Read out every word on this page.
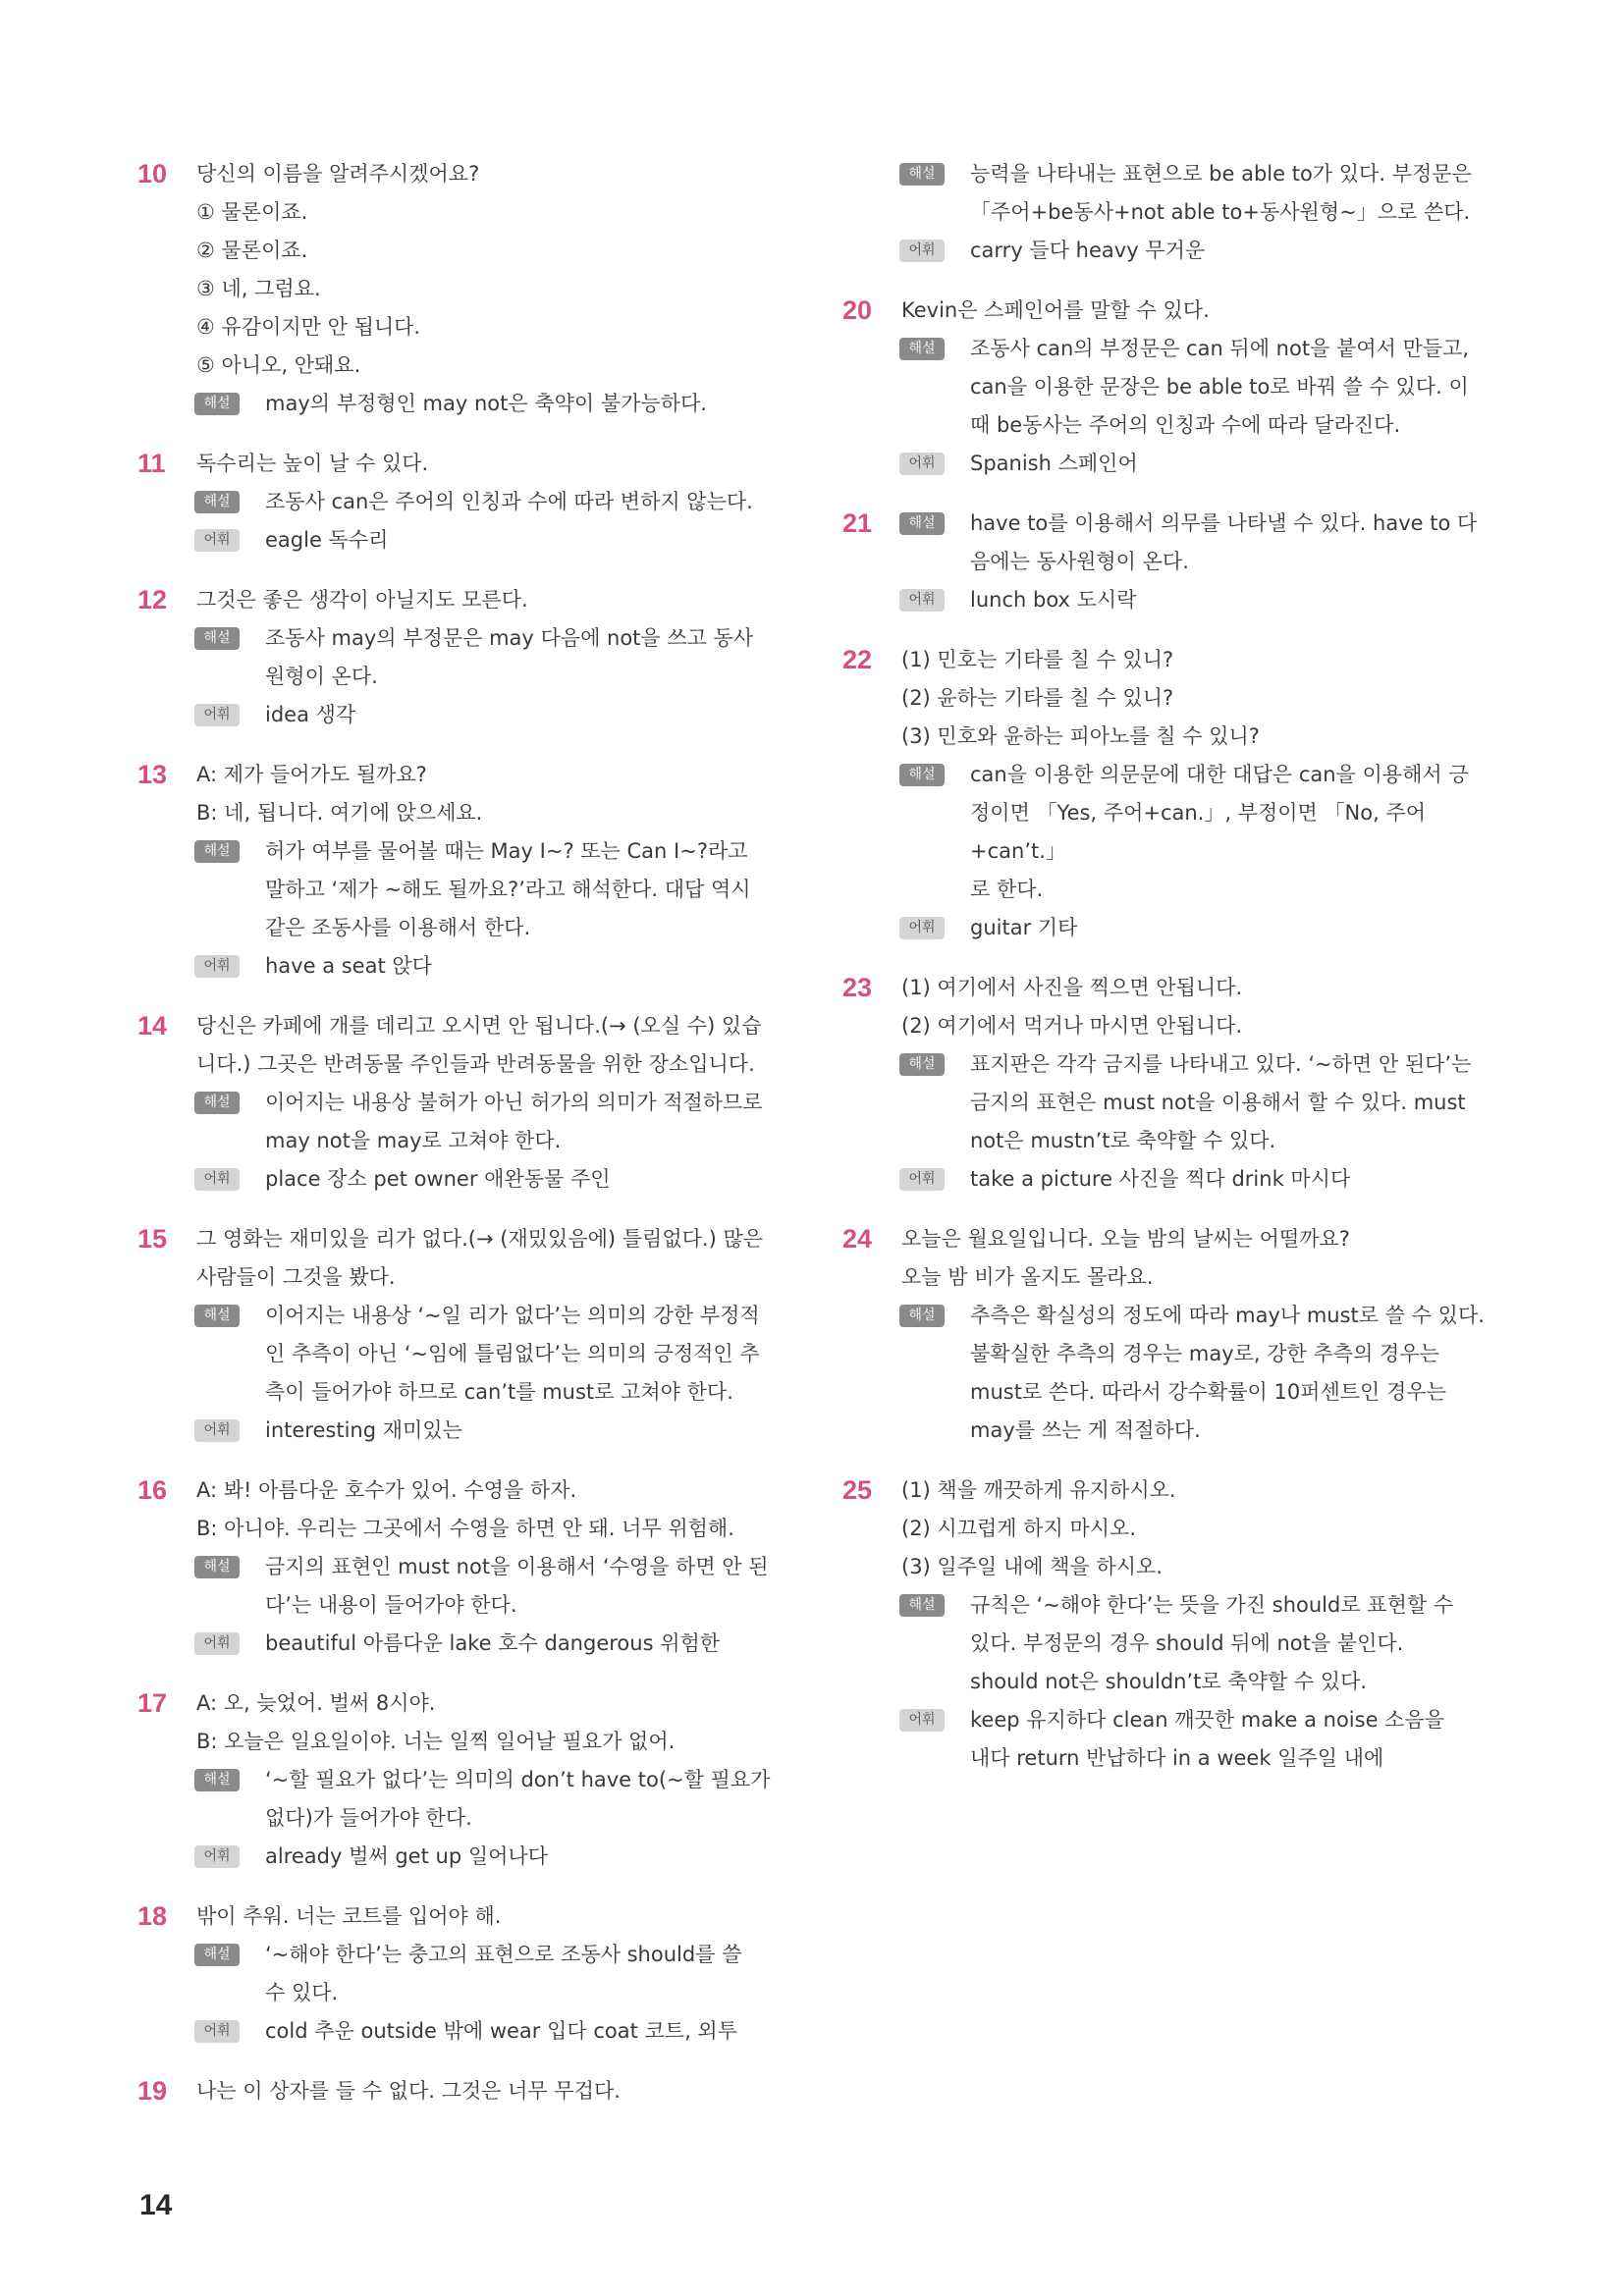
10 당신의 이름을 알려주시겠어요?
① 물론이죠.
② 물론이죠.
③ 네, 그럼요.
④ 유감이지만 안 됩니다.
⑤ 아니오, 안돼요.
해설	may의 부정형인 may not은 축약이 불가능하다.
11 독수리는 높이 날 수 있다.
해설	조동사 can은 주어의 인칭과 수에 따라 변하지 않는다.
어휘	eagle 독수리
12 그것은 좋은 생각이 아닐지도 모른다.
해설	조동사 may의 부정문은 may 다음에 not을 쓰고 동사
원형이 온다.
어휘	idea 생각
13 A: 제가 들어가도 될까요?
B: 네, 됩니다. 여기에 앉으세요.
해설	허가 여부를 물어볼 때는 May I~? 또는 Can I~?라고
말하고 ‘제가 ~해도 될까요?’라고 해석한다. 대답 역시
같은 조동사를 이용해서 한다.
어휘	have a seat 앉다
14 당신은 카페에 개를 데리고 오시면 안 됩니다.(→ (오실 수) 있습
니다.) 그곳은 반려동물 주인들과 반려동물을 위한 장소입니다.
해설	이어지는 내용상 불허가 아닌 허가의 의미가 적절하므로
may not을 may로 고쳐야 한다.
어휘	place 장소 pet owner 애완동물 주인
15 그 영화는 재미있을 리가 없다.(→ (재밌있음에) 틀림없다.) 많은
사람들이 그것을 봤다.
해설	이어지는 내용상 ‘~일 리가 없다’는 의미의 강한 부정적
인 추측이 아닌 ‘~임에 틀림없다’는 의미의 긍정적인 추
측이 들어가야 하므로 can’t를 must로 고쳐야 한다.
어휘	interesting 재미있는
16 A: 봐! 아름다운 호수가 있어. 수영을 하자.
B: 아니야. 우리는 그곳에서 수영을 하면 안 돼. 너무 위험해.
해설	금지의 표현인 must not을 이용해서 ‘수영을 하면 안 된
다’는 내용이 들어가야 한다.
어휘	beautiful 아름다운 lake 호수 dangerous 위험한
17 A: 오, 늦었어. 벌써 8시야.
B: 오늘은 일요일이야. 너는 일찍 일어날 필요가 없어.
해설	‘~할 필요가 없다’는 의미의 don’t have to(~할 필요가
없다)가 들어가야 한다.
어휘	already 벌써 get up 일어나다
18 밖이 추워. 너는 코트를 입어야 해.
해설	‘~해야 한다’는 충고의 표현으로 조동사 should를 쓸
수 있다.
어휘	cold 추운 outside 밖에 wear 입다 coat 코트, 외투
19 나는 이 상자를 들 수 없다. 그것은 너무 무겁다.
해설	능력을 나타내는 표현으로 be able to가 있다. 부정문은
「주어+be동사+not able to+동사원형~」으로 쓴다.
어휘	carry 들다 heavy 무거운
20 Kevin은 스페인어를 말할 수 있다.
해설	조동사 can의 부정문은 can 뒤에 not을 붙여서 만들고,
can을 이용한 문장은 be able to로 바꿔 쓸 수 있다. 이
때 be동사는 주어의 인칭과 수에 따라 달라진다.
어휘	Spanish 스페인어
21	해설	have to를 이용해서 의무를 나타낼 수 있다. have to 다
음에는 동사원형이 온다.
어휘	lunch box 도시락
22 (1) 민호는 기타를 칠 수 있니?
(2) 윤하는 기타를 칠 수 있니?
(3) 민호와 윤하는 피아노를 칠 수 있니?
해설	can을 이용한 의문문에 대한 대답은 can을 이용해서 긍
정이면 「Yes, 주어+can.」, 부정이면 「No, 주어+can’t.」
로 한다.
어휘	guitar 기타
23 (1) 여기에서 사진을 찍으면 안됩니다.
(2) 여기에서 먹거나 마시면 안됩니다.
해설	표지판은 각각 금지를 나타내고 있다. ‘~하면 안 된다’는
금지의 표현은 must not을 이용해서 할 수 있다. must
not은 mustn’t로 축약할 수 있다.
어휘	take a picture 사진을 찍다 drink 마시다
24 오늘은 월요일입니다. 오늘 밤의 날씨는 어떨까요?
오늘 밤 비가 올지도 몰라요.
해설	추측은 확실성의 정도에 따라 may나 must로 쓸 수 있다.
불확실한 추측의 경우는 may로, 강한 추측의 경우는
must로 쓴다. 따라서 강수확률이 10퍼센트인 경우는
may를 쓰는 게 적절하다.
25 (1) 책을 깨끗하게 유지하시오.
(2) 시끄럽게 하지 마시오.
(3) 일주일 내에 책을 하시오.
해설	규칙은 ‘~해야 한다’는 뜻을 가진 should로 표현할 수
있다. 부정문의 경우 should 뒤에 not을 붙인다.
should not은 shouldn’t로 축약할 수 있다.
어휘	keep 유지하다 clean 깨끗한 make a noise 소음을
내다 return 반납하다 in a week 일주일 내에
14
